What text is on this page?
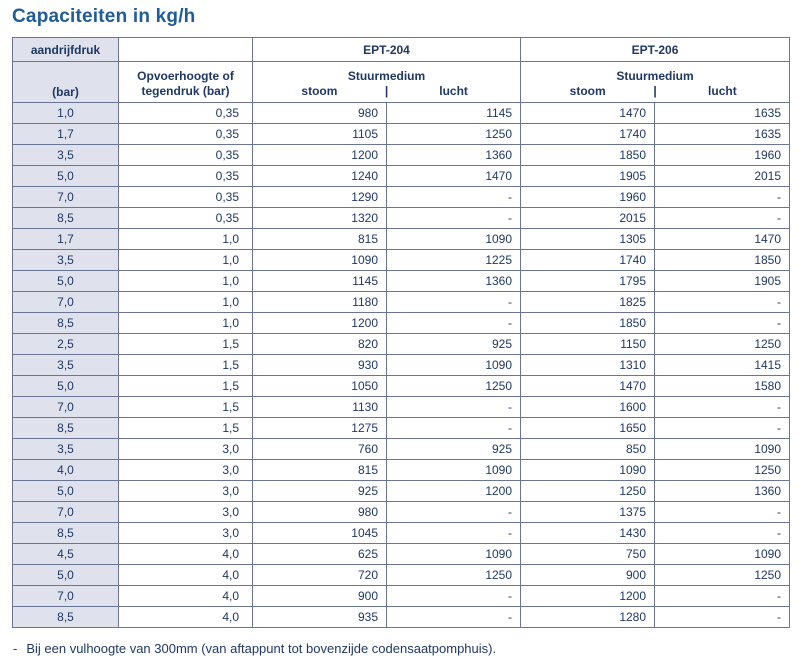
Capaciteiten in kg/h
aandrijfdruk		EPT-204		EPT-206	
(bar)	Opvoerhoogte of tegendruk (bar)	
Stuurmedium
stoom	|	lucht

Stuurmedium
stoom	|	lucht

1,0	0,35	980	1145	1470	1635
1,7	0,35	1105	1250	1740	1635
3,5	0,35	1200	1360	1850	1960
5,0	0,35	1240	1470	1905	2015
7,0	0,35	1290	-	1960	-
8,5	0,35	1320	-	2015	-
1,7	1,0	815	1090	1305	1470
3,5	1,0	1090	1225	1740	1850
5,0	1,0	1145	1360	1795	1905
7,0	1,0	1180	-	1825	-
8,5	1,0	1200	-	1850	-
2,5	1,5	820	925	1150	1250
3,5	1,5	930	1090	1310	1415
5,0	1,5	1050	1250	1470	1580
7,0	1,5	1130	-	1600	-
8,5	1,5	1275	-	1650	-
3,5	3,0	760	925	850	1090
4,0	3,0	815	1090	1090	1250
5,0	3,0	925	1200	1250	1360
7,0	3,0	980	-	1375	-
8,5	3,0	1045	-	1430	-
4,5	4,0	625	1090	750	1090
5,0	4,0	720	1250	900	1250
7,0	4,0	900	-	1200	-
8,5	4,0	935	-	1280	-

- Bij een vulhoogte van 300mm (van aftappunt tot bovenzijde codensaatpomphuis).
